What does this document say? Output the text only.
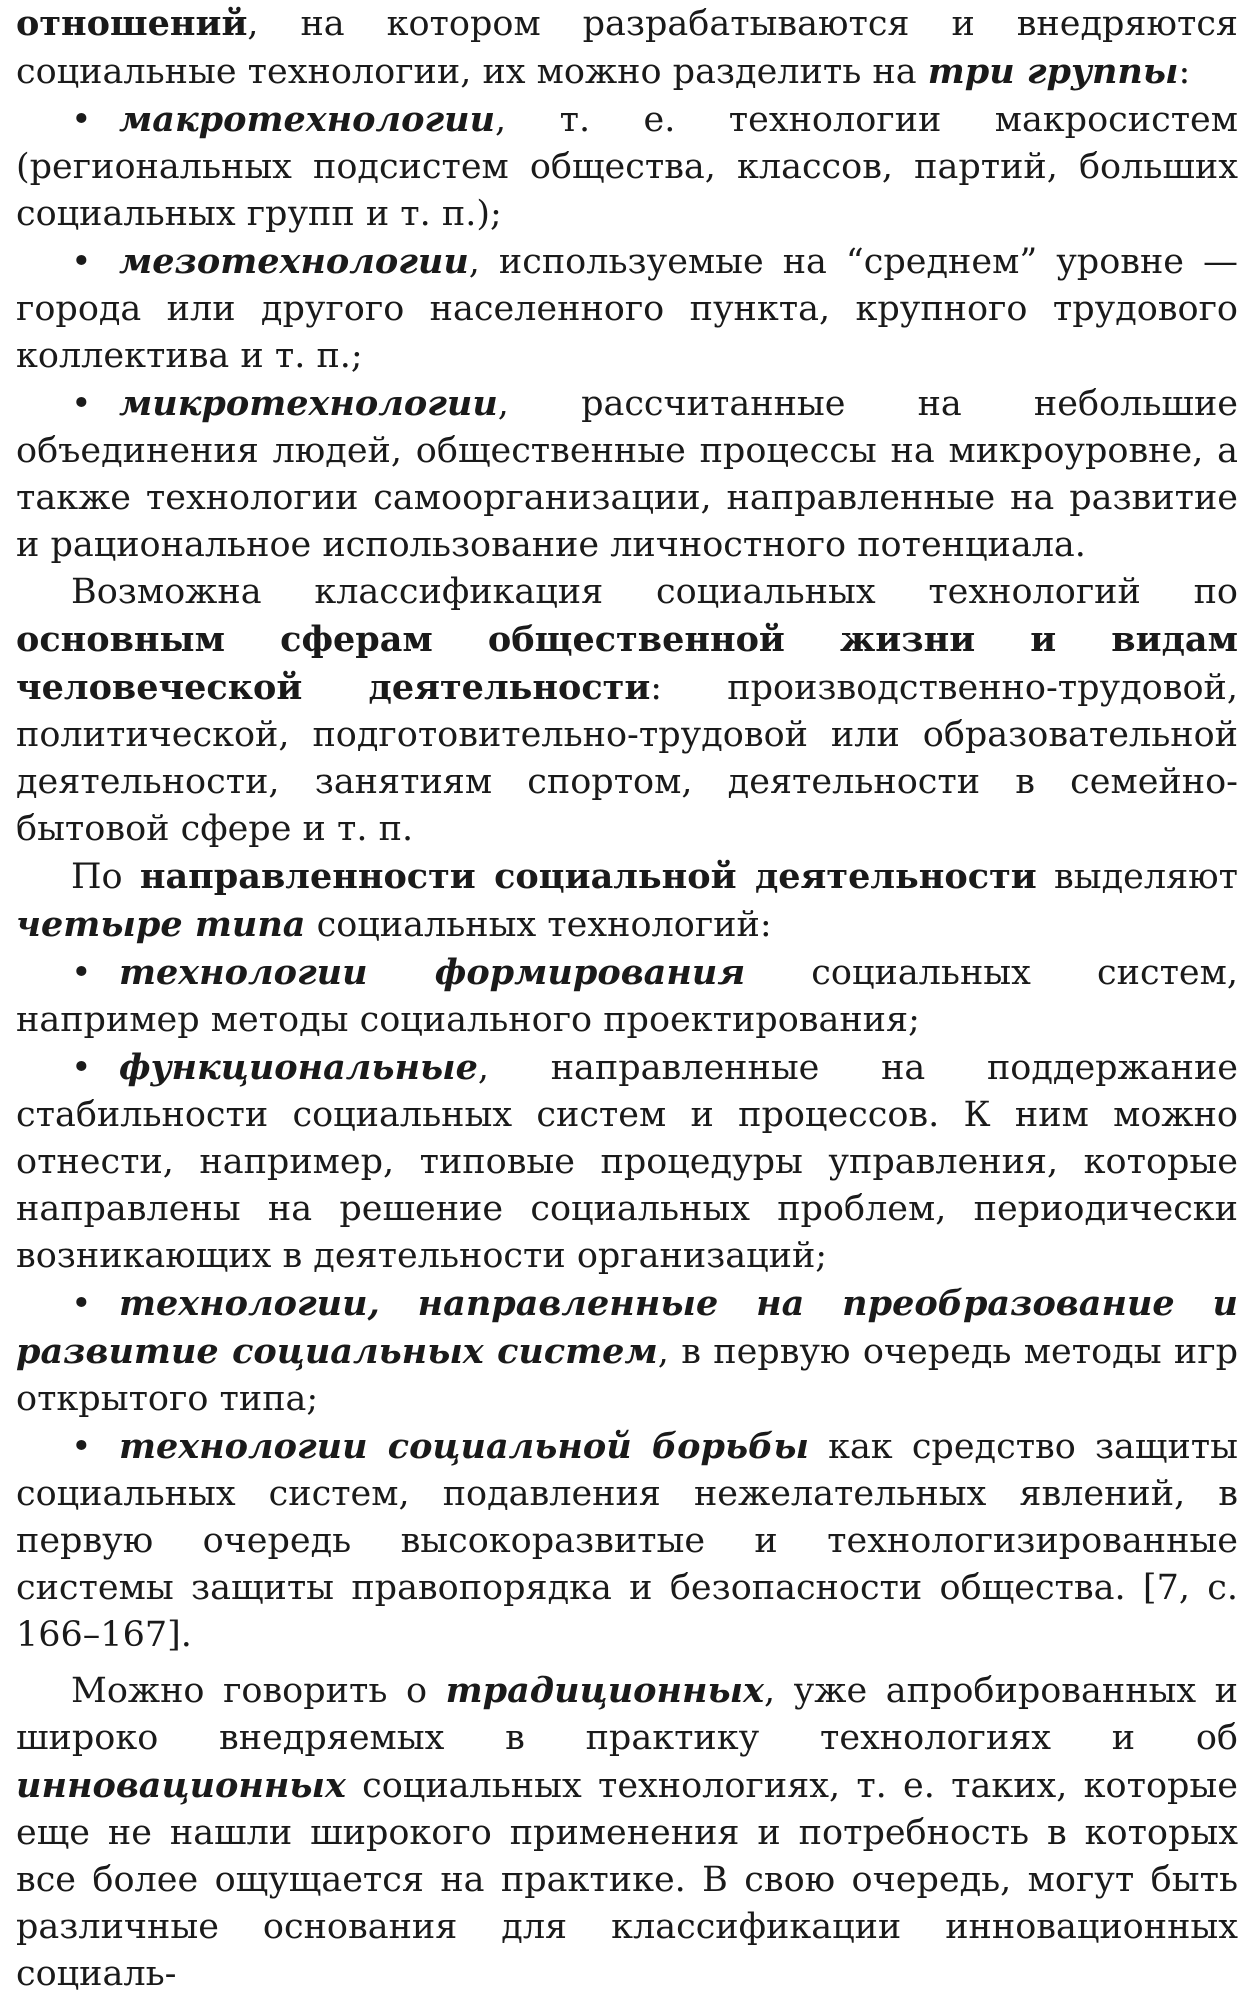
отношений, на котором разрабатываются и внедряются социальные технологии, их можно разделить на три группы:

• макротехнологии, т. е. технологии макросистем (региональных подсистем общества, классов, партий, больших социальных групп и т. п.);

• мезотехнологии, используемые на “среднем” уровне — города или другого населенного пункта, крупного трудового коллектива и т. п.;

• микротехнологии, рассчитанные на небольшие объединения людей, общественные процессы на микроуровне, а также технологии самоорганизации, направленные на развитие и рациональное использование личностного потенциала.

Возможна классификация социальных технологий по основным сферам общественной жизни и видам человеческой деятельности: производственно-трудовой, политической, подготовительно-трудовой или образовательной деятельности, занятиям спортом, деятельности в семейно-бытовой сфере и т. п.

По направленности социальной деятельности выделяют четыре типа социальных технологий:

• технологии формирования социальных систем, например методы социального проектирования;

• функциональные, направленные на поддержание стабильности социальных систем и процессов. К ним можно отнести, например, типовые процедуры управления, которые направлены на решение социальных проблем, периодически возникающих в деятельности организаций;

• технологии, направленные на преобразование и развитие социальных систем, в первую очередь методы игр открытого типа;

• технологии социальной борьбы как средство защиты социальных систем, подавления нежелательных явлений, в первую очередь высокоразвитые и технологизированные системы защиты правопорядка и безопасности общества. [7, с. 166–167].

Можно говорить о традиционных, уже апробированных и широко внедряемых в практику технологиях и об инновационных социальных технологиях, т. е. таких, которые еще не нашли широкого применения и потребность в которых все более ощущается на практике. В свою очередь, могут быть различные основания для классификации инновационных социаль-
